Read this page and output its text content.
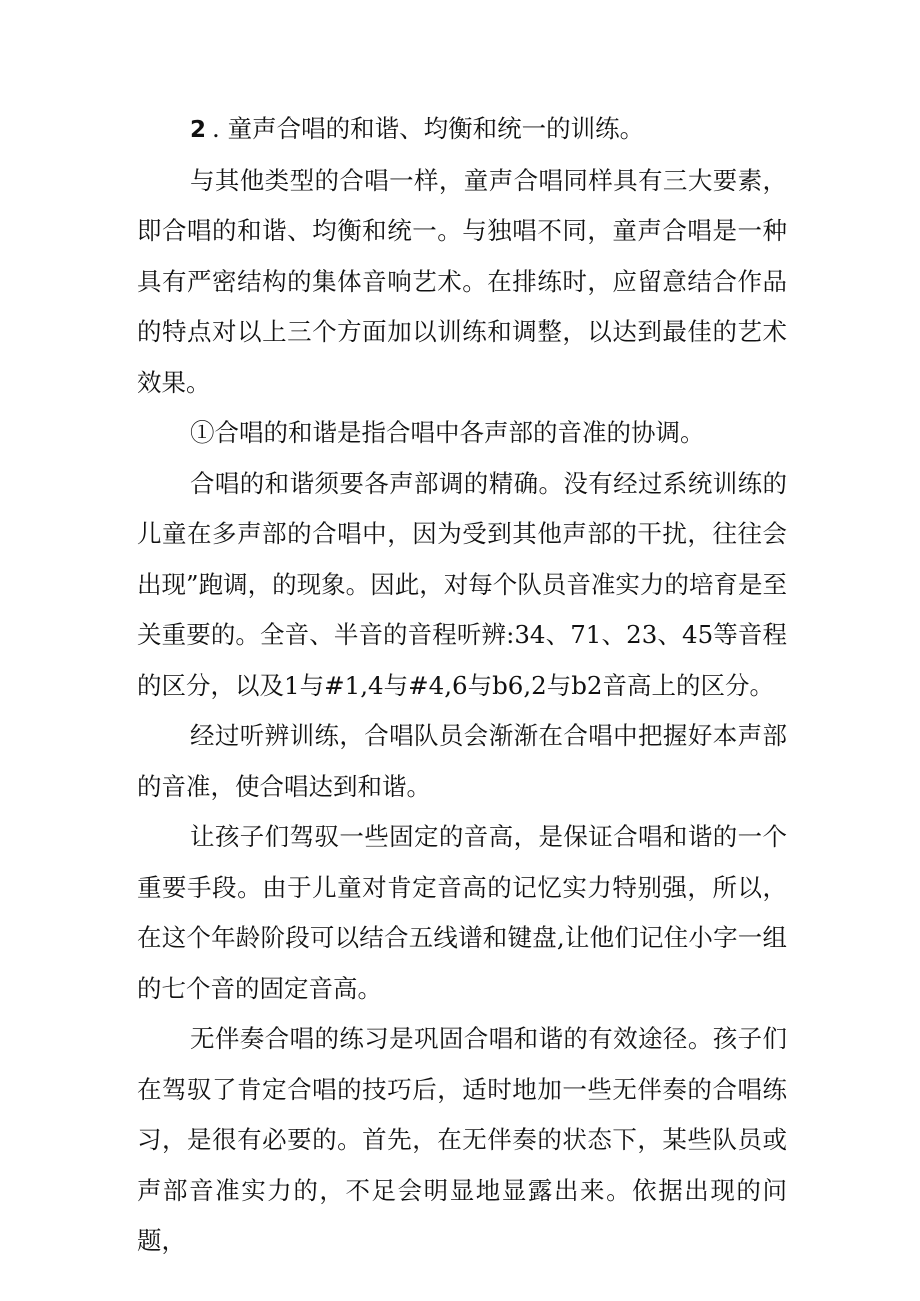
2 . 童声合唱的和谐、均衡和统一的训练。

与其他类型的合唱一样，童声合唱同样具有三大要素，即合唱的和谐、均衡和统一。与独唱不同，童声合唱是一种具有严密结构的集体音响艺术。在排练时，应留意结合作品的特点对以上三个方面加以训练和调整，以达到最佳的艺术效果。

①合唱的和谐是指合唱中各声部的音准的协调。

合唱的和谐须要各声部调的精确。没有经过系统训练的儿童在多声部的合唱中，因为受到其他声部的干扰，往往会出现”跑调，的现象。因此，对每个队员音准实力的培育是至关重要的。全音、半音的音程听辨:34、71、23、45等音程的区分，以及1与#1,4与#4,6与b6,2与b2音高上的区分。

经过听辨训练，合唱队员会渐渐在合唱中把握好本声部的音准，使合唱达到和谐。

让孩子们驾驭一些固定的音高，是保证合唱和谐的一个重要手段。由于儿童对肯定音高的记忆实力特别强，所以，在这个年龄阶段可以结合五线谱和键盘,让他们记住小字一组的七个音的固定音高。

无伴奏合唱的练习是巩固合唱和谐的有效途径。孩子们在驾驭了肯定合唱的技巧后，适时地加一些无伴奏的合唱练习，是很有必要的。首先，在无伴奏的状态下，某些队员或声部音准实力的，不足会明显地显露出来。依据出现的问题，
